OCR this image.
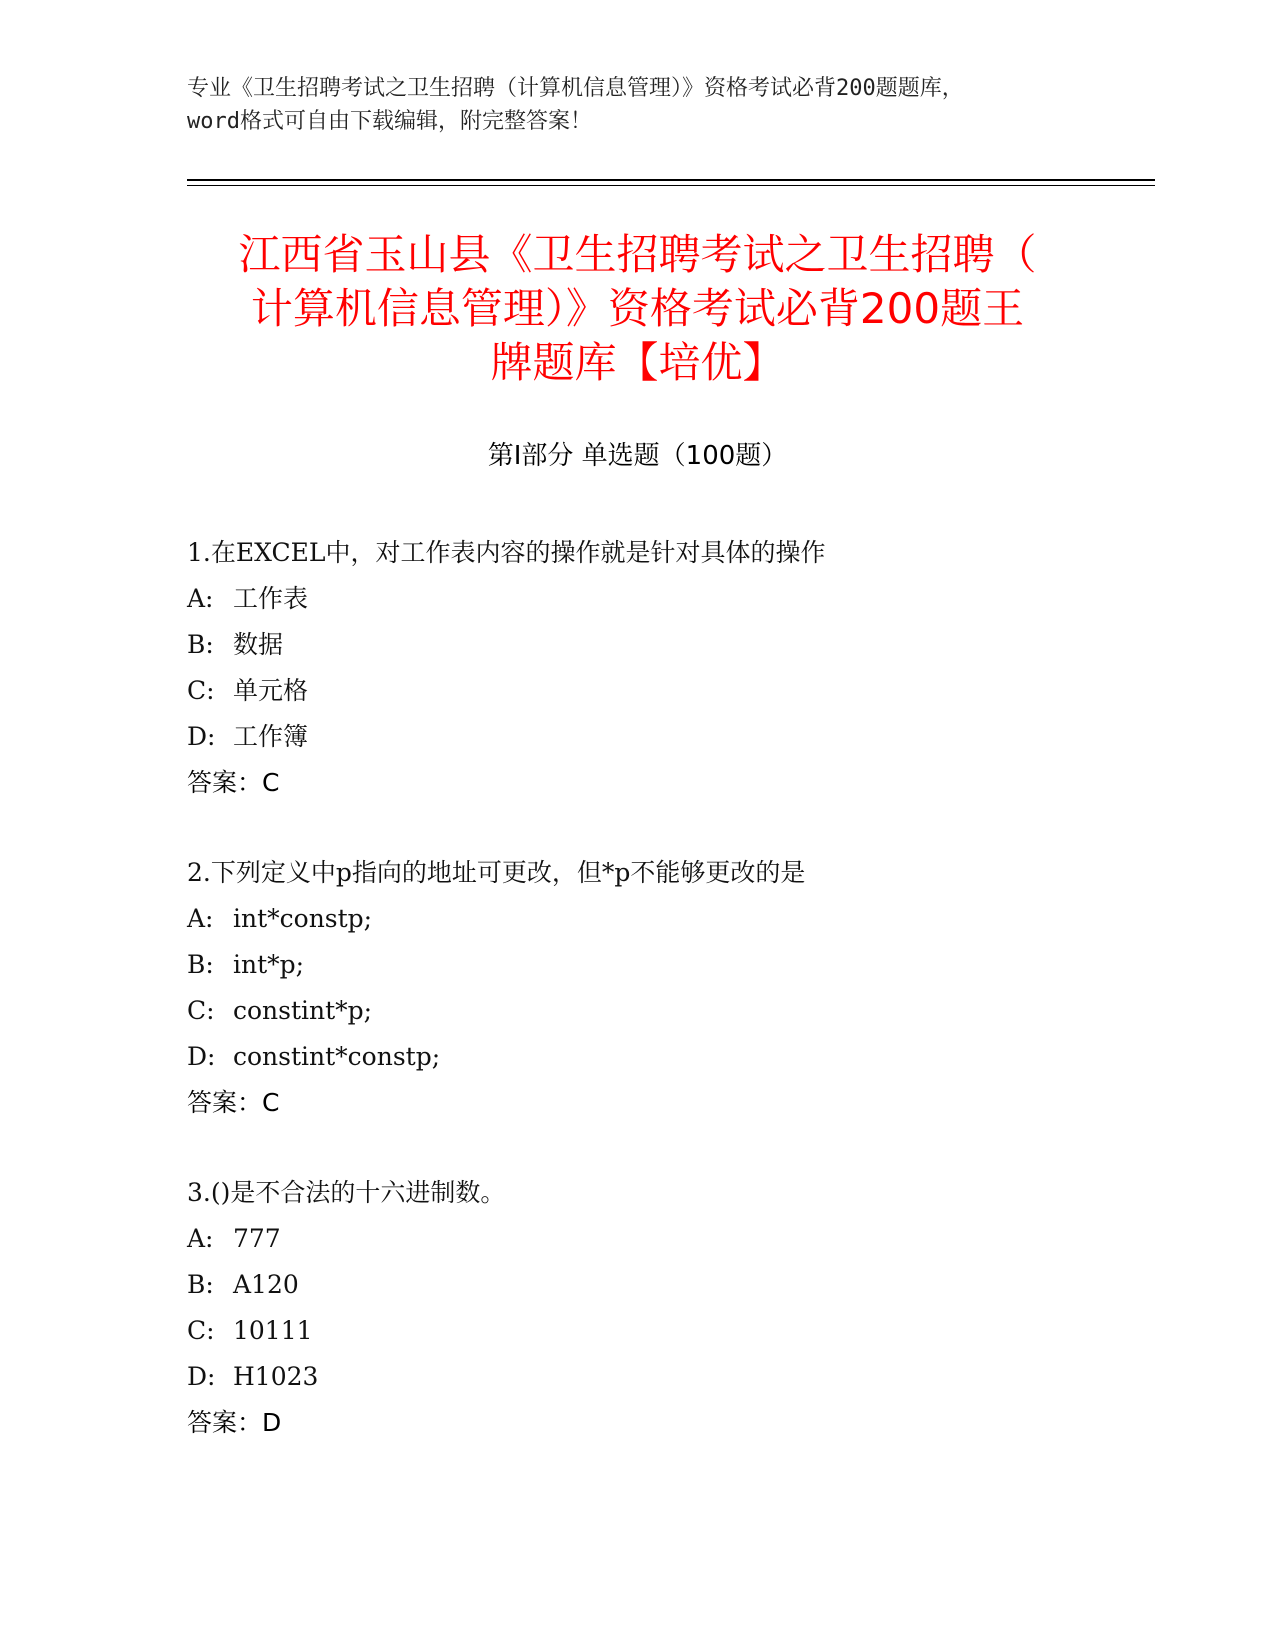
专业《卫生招聘考试之卫生招聘（计算机信息管理）》资格考试必背200题题库，
word格式可自由下载编辑，附完整答案！
江西省玉山县《卫生招聘考试之卫生招聘（
计算机信息管理）》资格考试必背200题王
牌题库【培优】
第Ⅰ部分 单选题（100题）
1.在EXCEL中，对工作表内容的操作就是针对具体的操作
A: 工作表
B: 数据
C: 单元格
D: 工作簿
答案：C
2.下列定义中p指向的地址可更改，但*p不能够更改的是
A: int*constp;
B: int*p;
C: constint*p;
D: constint*constp;
答案：C
3.()是不合法的十六进制数。
A: 777
B: A120
C: 10111
D: H1023
答案：D
